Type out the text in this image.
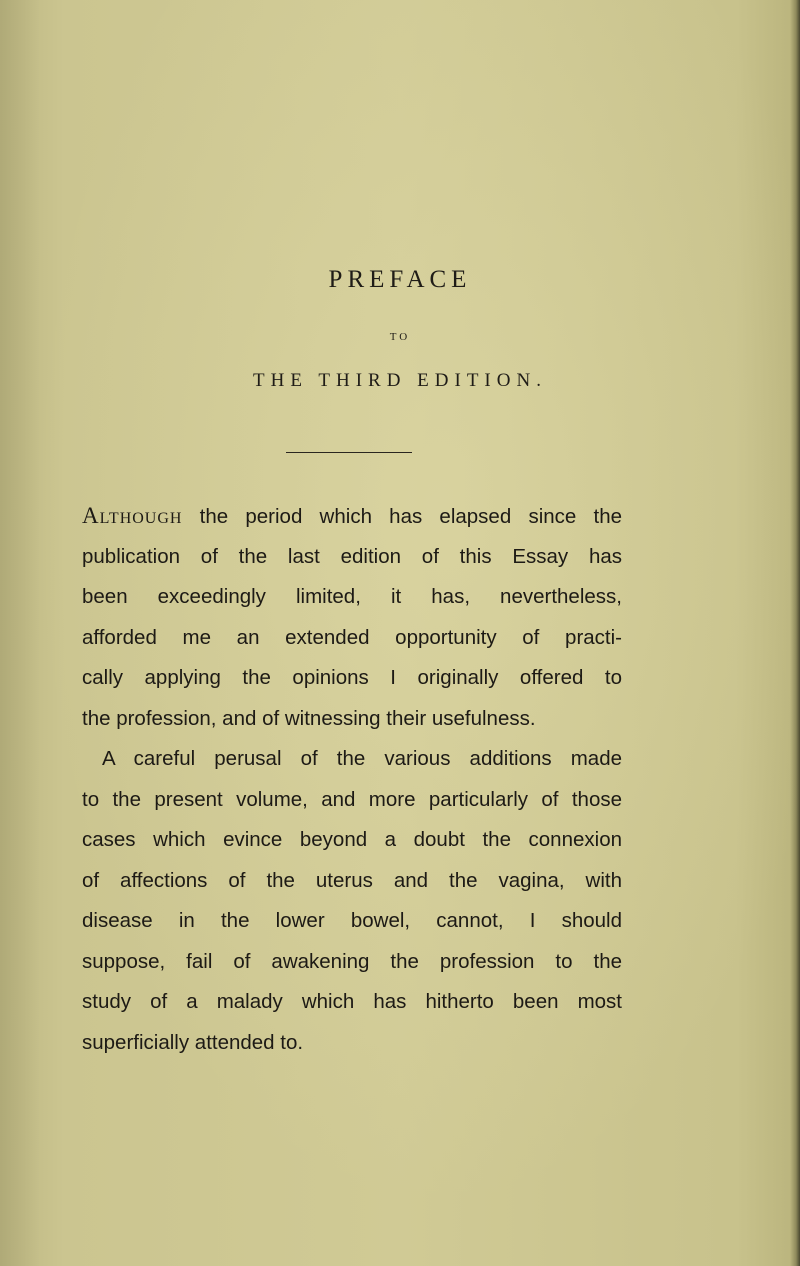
PREFACE
TO
THE THIRD EDITION.
Although the period which has elapsed since the
publication of the last edition of this Essay has
been exceedingly limited, it has, nevertheless,
afforded me an extended opportunity of practi-
cally applying the opinions I originally offered to
the profession, and of witnessing their usefulness.
A careful perusal of the various additions made
to the present volume, and more particularly of those
cases which evince beyond a doubt the connexion
of affections of the uterus and the vagina, with
disease in the lower bowel, cannot, I should
suppose, fail of awakening the profession to the
study of a malady which has hitherto been most
superficially attended to.
